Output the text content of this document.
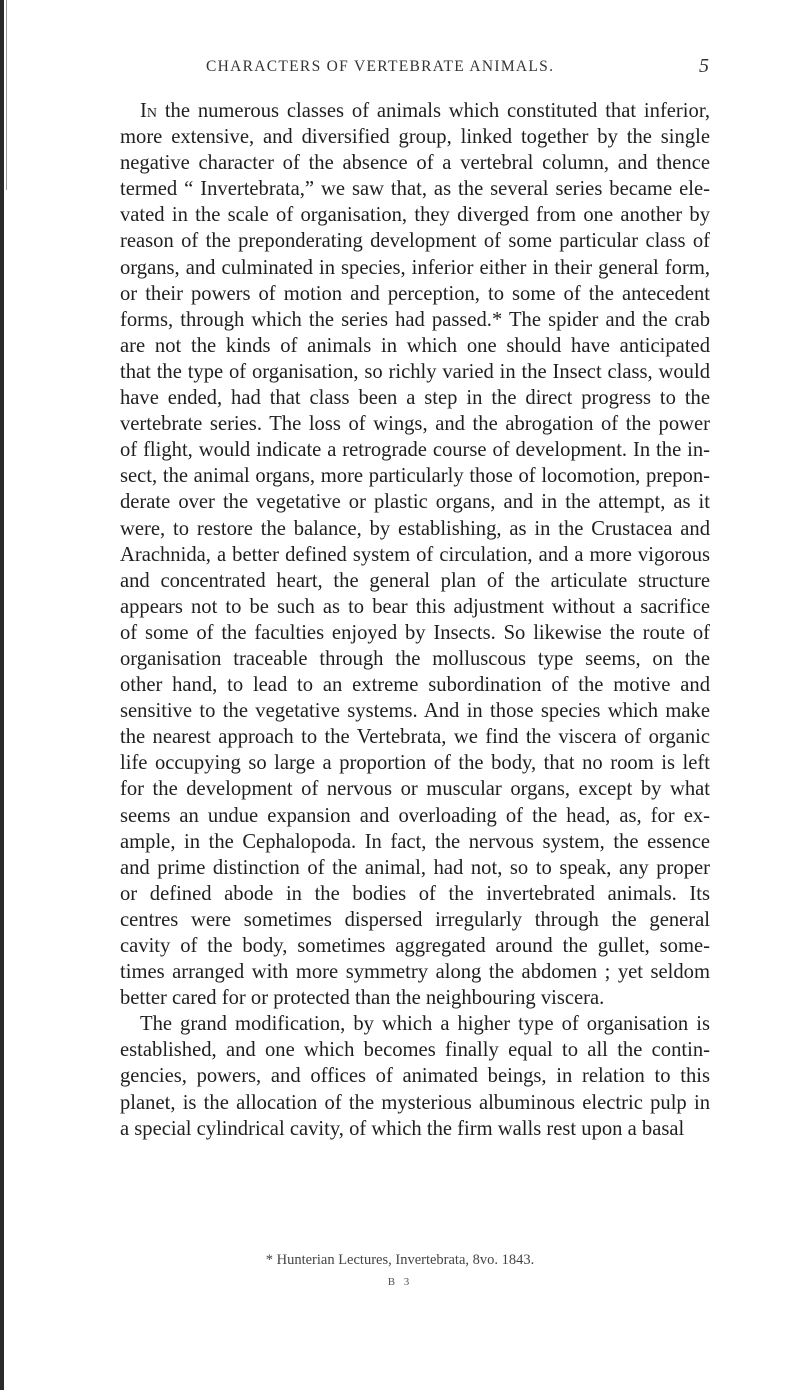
CHARACTERS OF VERTEBRATE ANIMALS.	5
In the numerous classes of animals which constituted that inferior,
more extensive, and diversified group, linked together by the single
negative character of the absence of a vertebral column, and thence
termed “ Invertebrata,” we saw that, as the several series became ele-
vated in the scale of organisation, they diverged from one another by
reason of the preponderating development of some particular class of
organs, and culminated in species, inferior either in their general form,
or their powers of motion and perception, to some of the antecedent
forms, through which the series had passed.* The spider and the crab
are not the kinds of animals in which one should have anticipated
that the type of organisation, so richly varied in the Insect class, would
have ended, had that class been a step in the direct progress to the
vertebrate series. The loss of wings, and the abrogation of the power
of flight, would indicate a retrograde course of development. In the in-
sect, the animal organs, more particularly those of locomotion, prepon-
derate over the vegetative or plastic organs, and in the attempt, as it
were, to restore the balance, by establishing, as in the Crustacea and
Arachnida, a better defined system of circulation, and a more vigorous
and concentrated heart, the general plan of the articulate structure
appears not to be such as to bear this adjustment without a sacrifice
of some of the faculties enjoyed by Insects. So likewise the route of
organisation traceable through the molluscous type seems, on the
other hand, to lead to an extreme subordination of the motive and
sensitive to the vegetative systems. And in those species which make
the nearest approach to the Vertebrata, we find the viscera of organic
life occupying so large a proportion of the body, that no room is left
for the development of nervous or muscular organs, except by what
seems an undue expansion and overloading of the head, as, for ex-
ample, in the Cephalopoda. In fact, the nervous system, the essence
and prime distinction of the animal, had not, so to speak, any proper
or defined abode in the bodies of the invertebrated animals. Its
centres were sometimes dispersed irregularly through the general
cavity of the body, sometimes aggregated around the gullet, some-
times arranged with more symmetry along the abdomen ; yet seldom
better cared for or protected than the neighbouring viscera.
The grand modification, by which a higher type of organisation is
established, and one which becomes finally equal to all the contin-
gencies, powers, and offices of animated beings, in relation to this
planet, is the allocation of the mysterious albuminous electric pulp in
a special cylindrical cavity, of which the firm walls rest upon a basal
* Hunterian Lectures, Invertebrata, 8vo. 1843.
B 3
